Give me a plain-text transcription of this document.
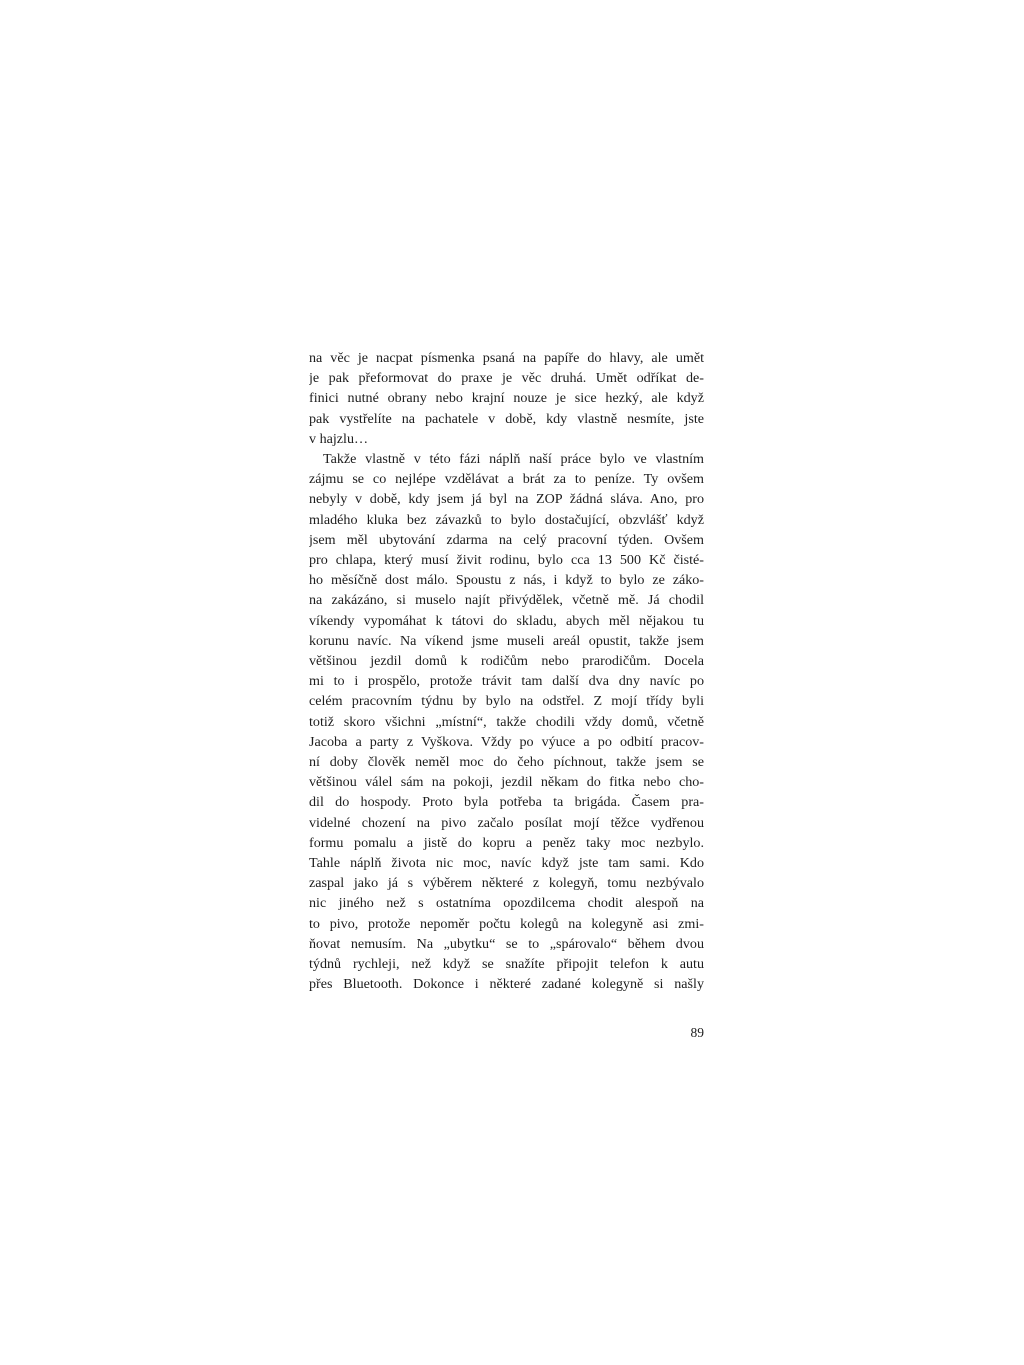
na věc je nacpat písmenka psaná na papíře do hlavy, ale umět
je pak přeformovat do praxe je věc druhá. Umět odříkat de-
finici nutné obrany nebo krajní nouze je sice hezký, ale když
pak vystřelíte na pachatele v době, kdy vlastně nesmíte, jste
v hajzlu…
Takže vlastně v této fázi náplň naší práce bylo ve vlastním
zájmu se co nejlépe vzdělávat a brát za to peníze. Ty ovšem
nebyly v době, kdy jsem já byl na ZOP žádná sláva. Ano, pro
mladého kluka bez závazků to bylo dostačující, obzvlášť když
jsem měl ubytování zdarma na celý pracovní týden. Ovšem
pro chlapa, který musí živit rodinu, bylo cca 13 500 Kč čisté-
ho měsíčně dost málo. Spoustu z nás, i když to bylo ze záko-
na zakázáno, si muselo najít přivýdělek, včetně mě. Já chodil
víkendy vypomáhat k tátovi do skladu, abych měl nějakou tu
korunu navíc. Na víkend jsme museli areál opustit, takže jsem
většinou jezdil domů k rodičům nebo prarodičům. Docela
mi to i prospělo, protože trávit tam další dva dny navíc po
celém pracovním týdnu by bylo na odstřel. Z mojí třídy byli
totiž skoro všichni „místní“, takže chodili vždy domů, včetně
Jacoba a party z Vyškova. Vždy po výuce a po odbití pracov-
ní doby člověk neměl moc do čeho píchnout, takže jsem se
většinou válel sám na pokoji, jezdil někam do fitka nebo cho-
dil do hospody. Proto byla potřeba ta brigáda. Časem pra-
videlné chození na pivo začalo posílat mojí těžce vydřenou
formu pomalu a jistě do kopru a peněz taky moc nezbylo.
Tahle náplň života nic moc, navíc když jste tam sami. Kdo
zaspal jako já s výběrem některé z kolegyň, tomu nezbývalo
nic jiného než s ostatníma opozdilcema chodit alespoň na
to pivo, protože nepoměr počtu kolegů na kolegyně asi zmi-
ňovat nemusím. Na „ubytku“ se to „spárovalo“ během dvou
týdnů rychleji, než když se snažíte připojit telefon k autu
přes Bluetooth. Dokonce i některé zadané kolegyně si našly
89
